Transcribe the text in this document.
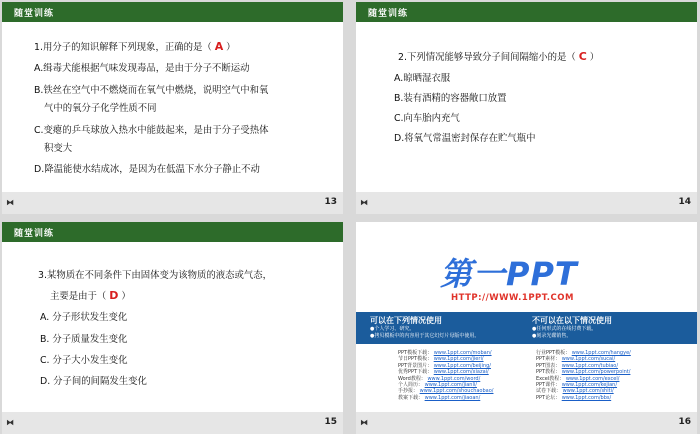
随堂训练
1.用分子的知识解释下列现象，正确的是（ A ）
A.缉毒犬能根据气味发现毒品，是由于分子不断运动
B.铁丝在空气中不燃烧而在氧气中燃烧，说明空气中和氧
气中的氧分子化学性质不同
C.变瘪的乒乓球放入热水中能鼓起来，是由于分子受热体
积变大
D.降温能使水结成冰，是因为在低温下水分子静止不动
⧓	13
随堂训练
2.下列情况能够导致分子间间隔缩小的是（ C ）
A.晾晒湿衣服
B.装有酒精的容器敞口放置
C.向车胎内充气
D.将氧气常温密封保存在贮气瓶中
⧓	14
随堂训练
3.某物质在不同条件下由固体变为该物质的液态或气态，
主要是由于（ D ）
A. 分子形状发生变化
B. 分子质量发生变化
C. 分子大小发生变化
D. 分子间的间隔发生变化
⧓	15
第一PPT
HTTP://WWW.1PPT.COM
可以在下列情况使用
●个人学习、研究。
●拷贝模板中的内容用于其它幻灯片母版中使用。
不可以在以下情况使用
●任何形式的在线付费下载。
●刻录光碟销售。
PPT模板下载： www.1ppt.com/moban/
节日PPT模板： www.1ppt.com/jieri/
PPT背景图片： www.1ppt.com/beijing/
优秀PPT下载： www.1ppt.com/xiazai/
Word教程： www.1ppt.com/word/
个人简历： www.1ppt.com/jianli/
手抄报： www.1ppt.com/shouchaobao/
教案下载： www.1ppt.com/jiaoan/
行业PPT模板： www.1ppt.com/hangye/
PPT素材： www.1ppt.com/sucai/
PPT图表： www.1ppt.com/tubiao/
PPT教程： www.1ppt.com/powerpoint/
Excel教程： www.1ppt.com/excel/
PPT课件： www.1ppt.com/kejian/
试卷下载： www.1ppt.com/shiti/
PPT论坛： www.1ppt.com/bbs/
⧓	16
